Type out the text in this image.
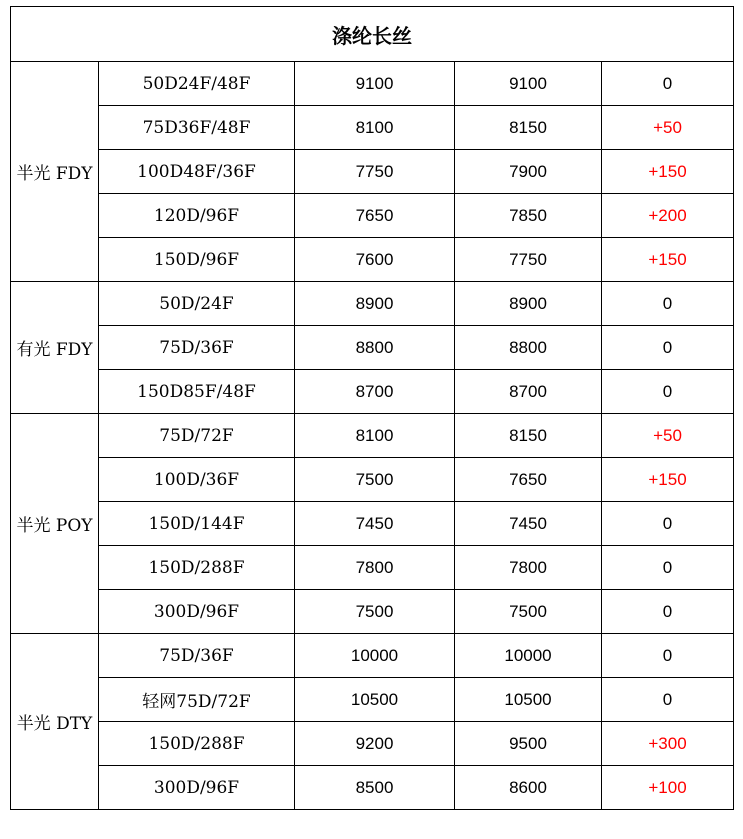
涤纶长丝				
半光 FDY	50D24F/48F	9100	9100	0
	75D36F/48F	8100	8150	+50
	100D48F/36F	7750	7900	+150
	120D/96F	7650	7850	+200
	150D/96F	7600	7750	+150
有光 FDY	50D/24F	8900	8900	0
	75D/36F	8800	8800	0
	150D85F/48F	8700	8700	0
半光 POY	75D/72F	8100	8150	+50
	100D/36F	7500	7650	+150
	150D/144F	7450	7450	0
	150D/288F	7800	7800	0
	300D/96F	7500	7500	0
半光 DTY	75D/36F	10000	10000	0
	轻网75D/72F	10500	10500	0
	150D/288F	9200	9500	+300
	300D/96F	8500	8600	+100
